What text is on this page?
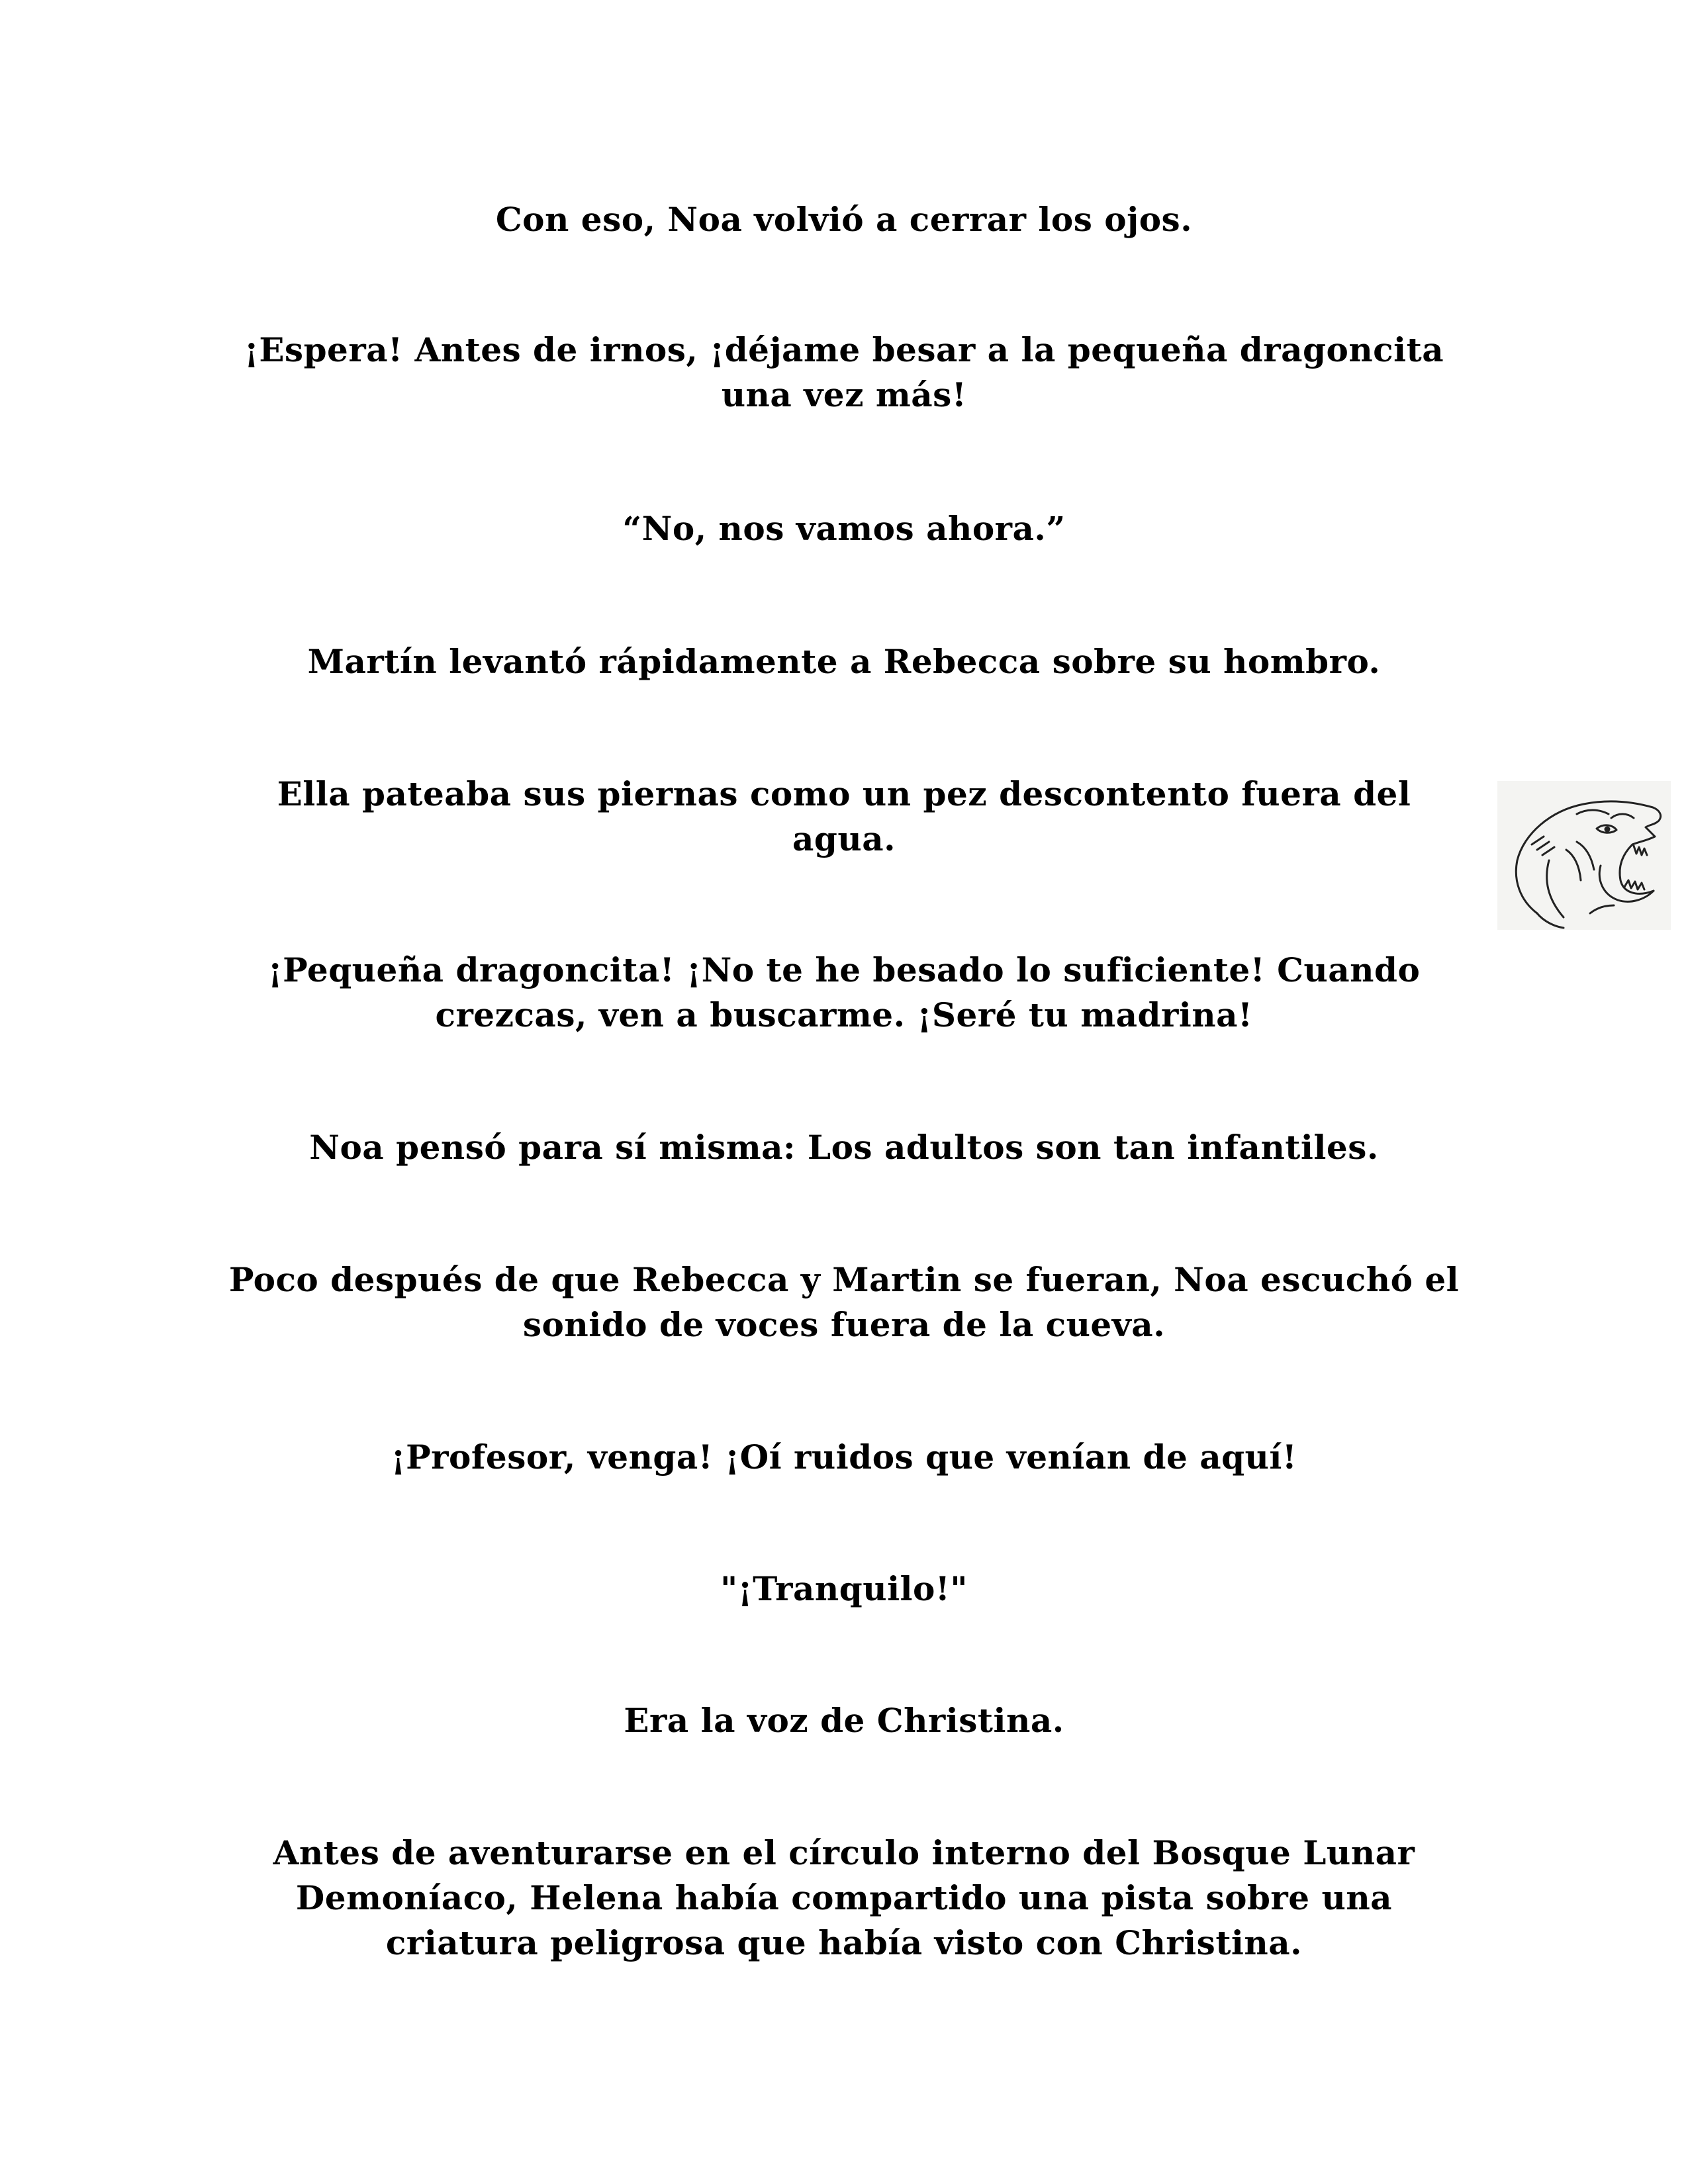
Con eso, Noa volvió a cerrar los ojos.

¡Espera! Antes de irnos, ¡déjame besar a la pequeña dragoncita una vez más!

“No, nos vamos ahora.”

Martín levantó rápidamente a Rebecca sobre su hombro.

Ella pateaba sus piernas como un pez descontento fuera del agua.

¡Pequeña dragoncita! ¡No te he besado lo suficiente! Cuando crezcas, ven a buscarme. ¡Seré tu madrina!

Noa pensó para sí misma: Los adultos son tan infantiles.

Poco después de que Rebecca y Martin se fueran, Noa escuchó el sonido de voces fuera de la cueva.

¡Profesor, venga! ¡Oí ruidos que venían de aquí!

"¡Tranquilo!"

Era la voz de Christina.

Antes de aventurarse en el círculo interno del Bosque Lunar Demoníaco, Helena había compartido una pista sobre una criatura peligrosa que había visto con Christina.
